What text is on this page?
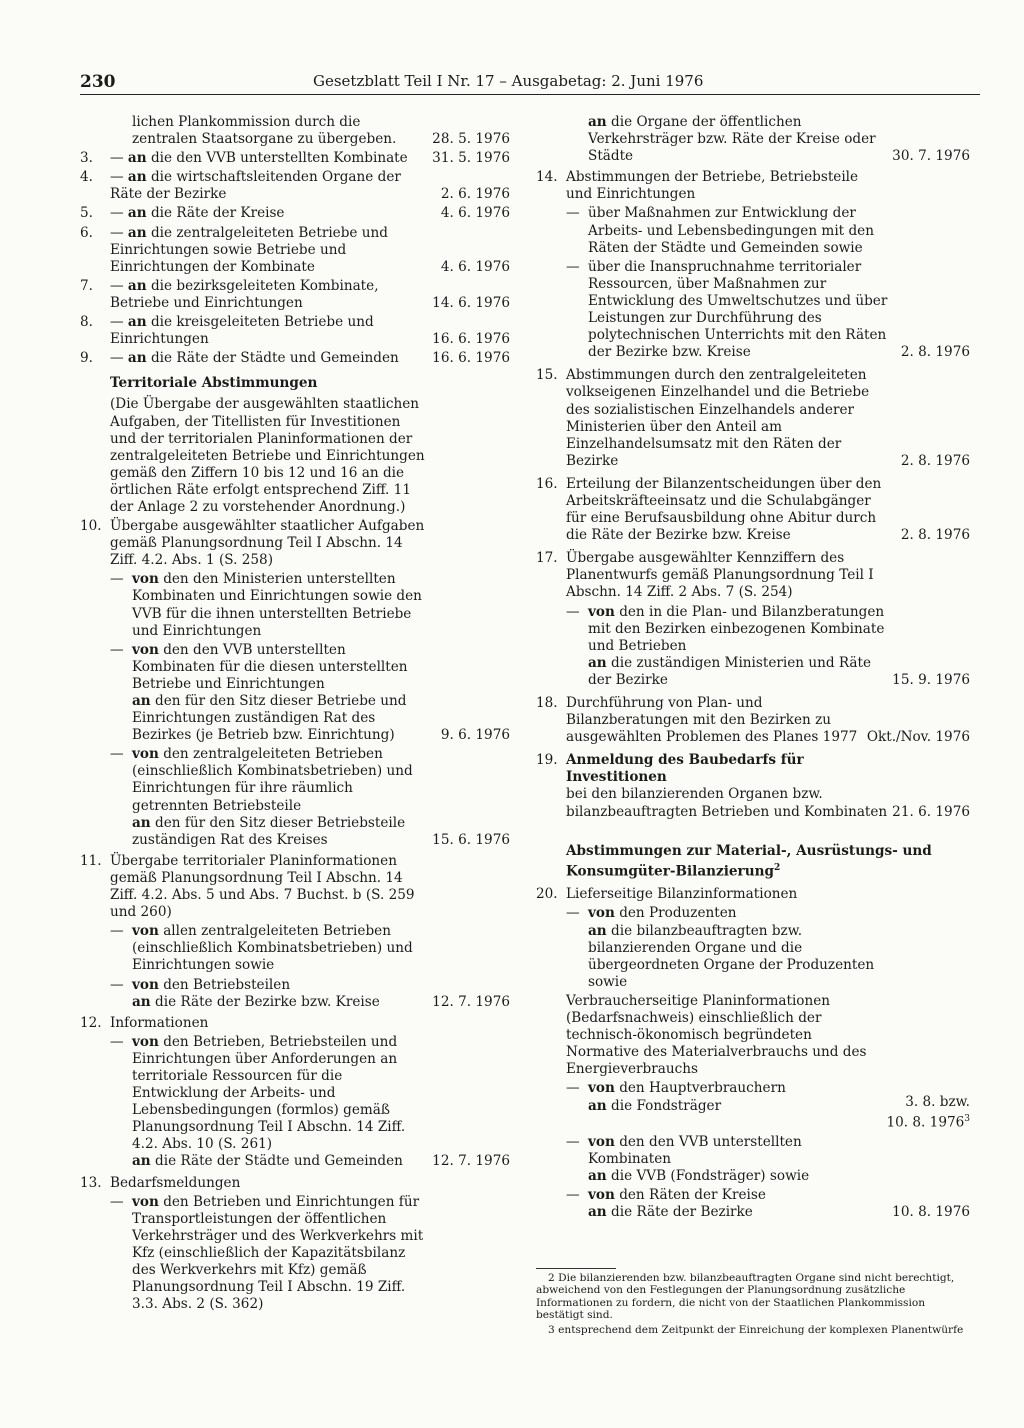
230	Gesetzblatt Teil I Nr. 17 – Ausgabetag: 2. Juni 1976
lichen Plankommission durch die zentralen Staatsorgane zu übergeben.	28. 5. 1976
3. — an die den VVB unterstellten Kombinate 31. 5. 1976
4. — an die wirtschaftsleitenden Organe der Räte der Bezirke	2. 6. 1976
5. — an die Räte der Kreise	4. 6. 1976
6. — an die zentralgeleiteten Betriebe und Einrichtungen sowie Betriebe und Einrichtungen der Kombinate	4. 6. 1976
7. — an die bezirksgeleiteten Kombinate, Betriebe und Einrichtungen	14. 6. 1976
8. — an die kreisgeleiteten Betriebe und Einrichtungen	16. 6. 1976
9. — an die Räte der Städte und Gemeinden 16. 6. 1976
Territoriale Abstimmungen
(Die Übergabe der ausgewählten staatlichen Aufgaben, der Titellisten für Investitionen und der territorialen Planinformationen der zentralgeleiteten Betriebe und Einrichtungen gemäß den Ziffern 10 bis 12 und 16 an die örtlichen Räte erfolgt entsprechend Ziff. 11 der Anlage 2 zu vorstehender Anordnung.)
10. Übergabe ausgewählter staatlicher Aufgaben gemäß Planungsordnung Teil I Abschn. 14 Ziff. 4.2. Abs. 1 (S. 258)
— von den den Ministerien unterstellten Kombinaten und Einrichtungen sowie den VVB für die ihnen unterstellten Betriebe und Einrichtungen
— von den den VVB unterstellten Kombinaten für die diesen unterstellten Betriebe und Einrichtungen
an den für den Sitz dieser Betriebe und Einrichtungen zuständigen Rat des Bezirkes (je Betrieb bzw. Einrichtung)	9. 6. 1976
— von den zentralgeleiteten Betrieben (einschließlich Kombinatsbetrieben) und Einrichtungen für ihre räumlich getrennten Betriebsteile
an den für den Sitz dieser Betriebsteile zuständigen Rat des Kreises	15. 6. 1976
11. Übergabe territorialer Planinformationen gemäß Planungsordnung Teil I Abschn. 14 Ziff. 4.2. Abs. 5 und Abs. 7 Buchst. b (S. 259 und 260)
— von allen zentralgeleiteten Betrieben (einschließlich Kombinatsbetrieben) und Einrichtungen sowie
— von den Betriebsteilen
an die Räte der Bezirke bzw. Kreise	12. 7. 1976
12. Informationen
— von den Betrieben, Betriebsteilen und Einrichtungen über Anforderungen an territoriale Ressourcen für die Entwicklung der Arbeits- und Lebensbedingungen (formlos) gemäß Planungsordnung Teil I Abschn. 14 Ziff. 4.2. Abs. 10 (S. 261)
an die Räte der Städte und Gemeinden	12. 7. 1976
13. Bedarfsmeldungen
— von den Betrieben und Einrichtungen für Transportleistungen der öffentlichen Verkehrsträger und des Werkverkehrs mit Kfz (einschließlich der Kapazitätsbilanz des Werkverkehrs mit Kfz) gemäß Planungsordnung Teil I Abschn. 19 Ziff. 3.3. Abs. 2 (S. 362)
an die Organe der öffentlichen Verkehrsträger bzw. Räte der Kreise oder Städte	30. 7. 1976
14. Abstimmungen der Betriebe, Betriebsteile und Einrichtungen
— über Maßnahmen zur Entwicklung der Arbeits- und Lebensbedingungen mit den Räten der Städte und Gemeinden sowie
— über die Inanspruchnahme territorialer Ressourcen, über Maßnahmen zur Entwicklung des Umweltschutzes und über Leistungen zur Durchführung des polytechnischen Unterrichts mit den Räten der Bezirke bzw. Kreise	2. 8. 1976
15. Abstimmungen durch den zentralgeleiteten volkseigenen Einzelhandel und die Betriebe des sozialistischen Einzelhandels anderer Ministerien über den Anteil am Einzelhandelsumsatz mit den Räten der Bezirke	2. 8. 1976
16. Erteilung der Bilanzentscheidungen über den Arbeitskräfteeinsatz und die Schulabgänger für eine Berufsausbildung ohne Abitur durch die Räte der Bezirke bzw. Kreise	2. 8. 1976
17. Übergabe ausgewählter Kennziffern des Planentwurfs gemäß Planungsordnung Teil I Abschn. 14 Ziff. 2 Abs. 7 (S. 254)
— von den in die Plan- und Bilanzberatungen mit den Bezirken einbezogenen Kombinate und Betrieben
an die zuständigen Ministerien und Räte der Bezirke	15. 9. 1976
18. Durchführung von Plan- und Bilanzberatungen mit den Bezirken zu ausgewählten Problemen des Planes 1977 Okt./Nov. 1976
19. Anmeldung des Baubedarfs für Investitionen
bei den bilanzierenden Organen bzw. bilanzbeauftragten Betrieben und Kombinaten 21. 6. 1976
Abstimmungen zur Material-, Ausrüstungs- und Konsumgüter-Bilanzierung$^2$
20. Lieferseitige Bilanzinformationen
— von den Produzenten
an die bilanzbeauftragten bzw. bilanzierenden Organe und die übergeordneten Organe der Produzenten sowie
Verbraucherseitige Planinformationen (Bedarfsnachweis) einschließlich der technisch-ökonomisch begründeten Normative des Materialverbrauchs und des Energieverbrauchs
— von den Hauptverbrauchern
an die Fondsträger	3. 8. bzw.
10. 8. 1976$^3$
— von den den VVB unterstellten Kombinaten
an die VVB (Fondsträger) sowie
— von den Räten der Kreise
an die Räte der Bezirke	10. 8. 1976

2 Die bilanzierenden bzw. bilanzbeauftragten Organe sind nicht berechtigt, abweichend von den Festlegungen der Planungsordnung zusätzliche Informationen zu fordern, die nicht von der Staatlichen Plankommission bestätigt sind.

3 entsprechend dem Zeitpunkt der Einreichung der komplexen Planentwürfe
